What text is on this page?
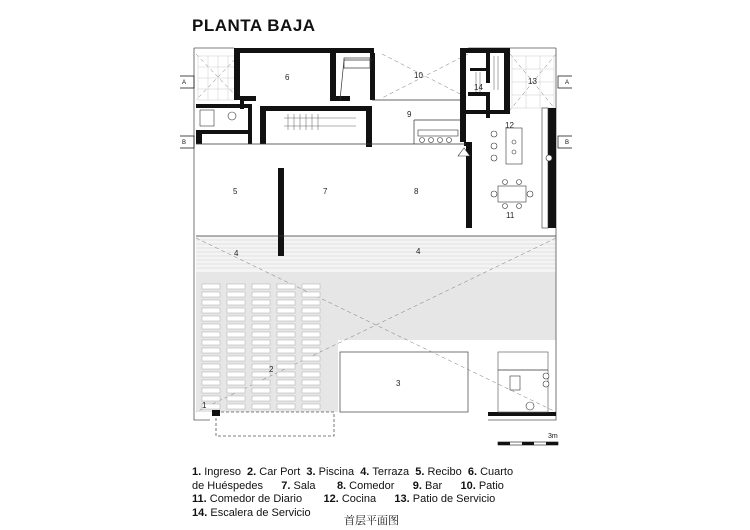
PLANTA BAJA
A	A
B	B
6	10
13
14
9
12
5	7	8
11
4	4
2
3
1
3m
1. Ingreso  2. Car Port  3. Piscina  4. Terraza  5. Recibo  6. Cuarto
de Huéspedes      7. Sala       8. Comedor      9. Bar      10. Patio
11. Comedor de Diario       12. Cocina      13. Patio de Servicio
14. Escalera de Servicio
首层平面图
